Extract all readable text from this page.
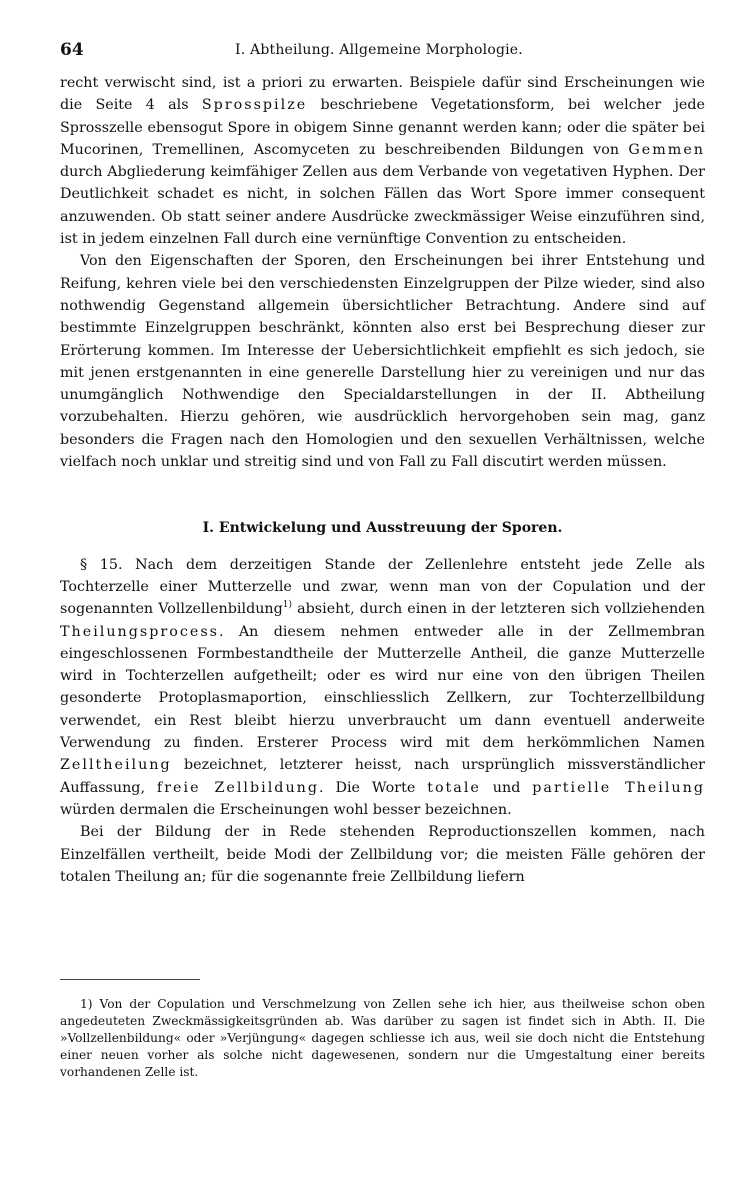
64	I. Abtheilung. Allgemeine Morphologie.

recht verwischt sind, ist a priori zu erwarten. Beispiele dafür sind Erscheinungen wie die Seite 4 als Sprosspilze beschriebene Vegetationsform, bei welcher jede Sprosszelle ebensogut Spore in obigem Sinne genannt werden kann; oder die später bei Mucorinen, Tremellinen, Ascomyceten zu beschreibenden Bildungen von Gemmen durch Abgliederung keimfähiger Zellen aus dem Verbande von vegetativen Hyphen. Der Deutlichkeit schadet es nicht, in solchen Fällen das Wort Spore immer consequent anzuwenden. Ob statt seiner andere Ausdrücke zweckmässiger Weise einzuführen sind, ist in jedem einzelnen Fall durch eine vernünftige Convention zu entscheiden.

Von den Eigenschaften der Sporen, den Erscheinungen bei ihrer Entstehung und Reifung, kehren viele bei den verschiedensten Einzelgruppen der Pilze wieder, sind also nothwendig Gegenstand allgemein übersichtlicher Betrachtung. Andere sind auf bestimmte Einzelgruppen beschränkt, könnten also erst bei Besprechung dieser zur Erörterung kommen. Im Interesse der Uebersichtlichkeit empfiehlt es sich jedoch, sie mit jenen erstgenannten in eine generelle Darstellung hier zu vereinigen und nur das unumgänglich Nothwendige den Specialdarstellungen in der II. Abtheilung vorzubehalten. Hierzu gehören, wie ausdrücklich hervorgehoben sein mag, ganz besonders die Fragen nach den Homologien und den sexuellen Verhältnissen, welche vielfach noch unklar und streitig sind und von Fall zu Fall discutirt werden müssen.

I. Entwickelung und Ausstreuung der Sporen.

§ 15. Nach dem derzeitigen Stande der Zellenlehre entsteht jede Zelle als Tochterzelle einer Mutterzelle und zwar, wenn man von der Copulation und der sogenannten Vollzellenbildung$^{1)}$ absieht, durch einen in der letzteren sich vollziehenden Theilungsprocess. An diesem nehmen entweder alle in der Zellmembran eingeschlossenen Formbestandtheile der Mutterzelle Antheil, die ganze Mutterzelle wird in Tochterzellen aufgetheilt; oder es wird nur eine von den übrigen Theilen gesonderte Protoplasmaportion, einschliesslich Zellkern, zur Tochterzellbildung verwendet, ein Rest bleibt hierzu unverbraucht um dann eventuell anderweite Verwendung zu finden. Ersterer Process wird mit dem herkömmlichen Namen Zelltheilung bezeichnet, letzterer heisst, nach ursprünglich missverständlicher Auffassung, freie Zellbildung. Die Worte totale und partielle Theilung würden dermalen die Erscheinungen wohl besser bezeichnen.

Bei der Bildung der in Rede stehenden Reproductionszellen kommen, nach Einzelfällen vertheilt, beide Modi der Zellbildung vor; die meisten Fälle gehören der totalen Theilung an; für die sogenannte freie Zellbildung liefern

1) Von der Copulation und Verschmelzung von Zellen sehe ich hier, aus theilweise schon oben angedeuteten Zweckmässigkeitsgründen ab. Was darüber zu sagen ist findet sich in Abth. II. Die »Vollzellenbildung« oder »Verjüngung« dagegen schliesse ich aus, weil sie doch nicht die Entstehung einer neuen vorher als solche nicht dagewesenen, sondern nur die Umgestaltung einer bereits vorhandenen Zelle ist.
